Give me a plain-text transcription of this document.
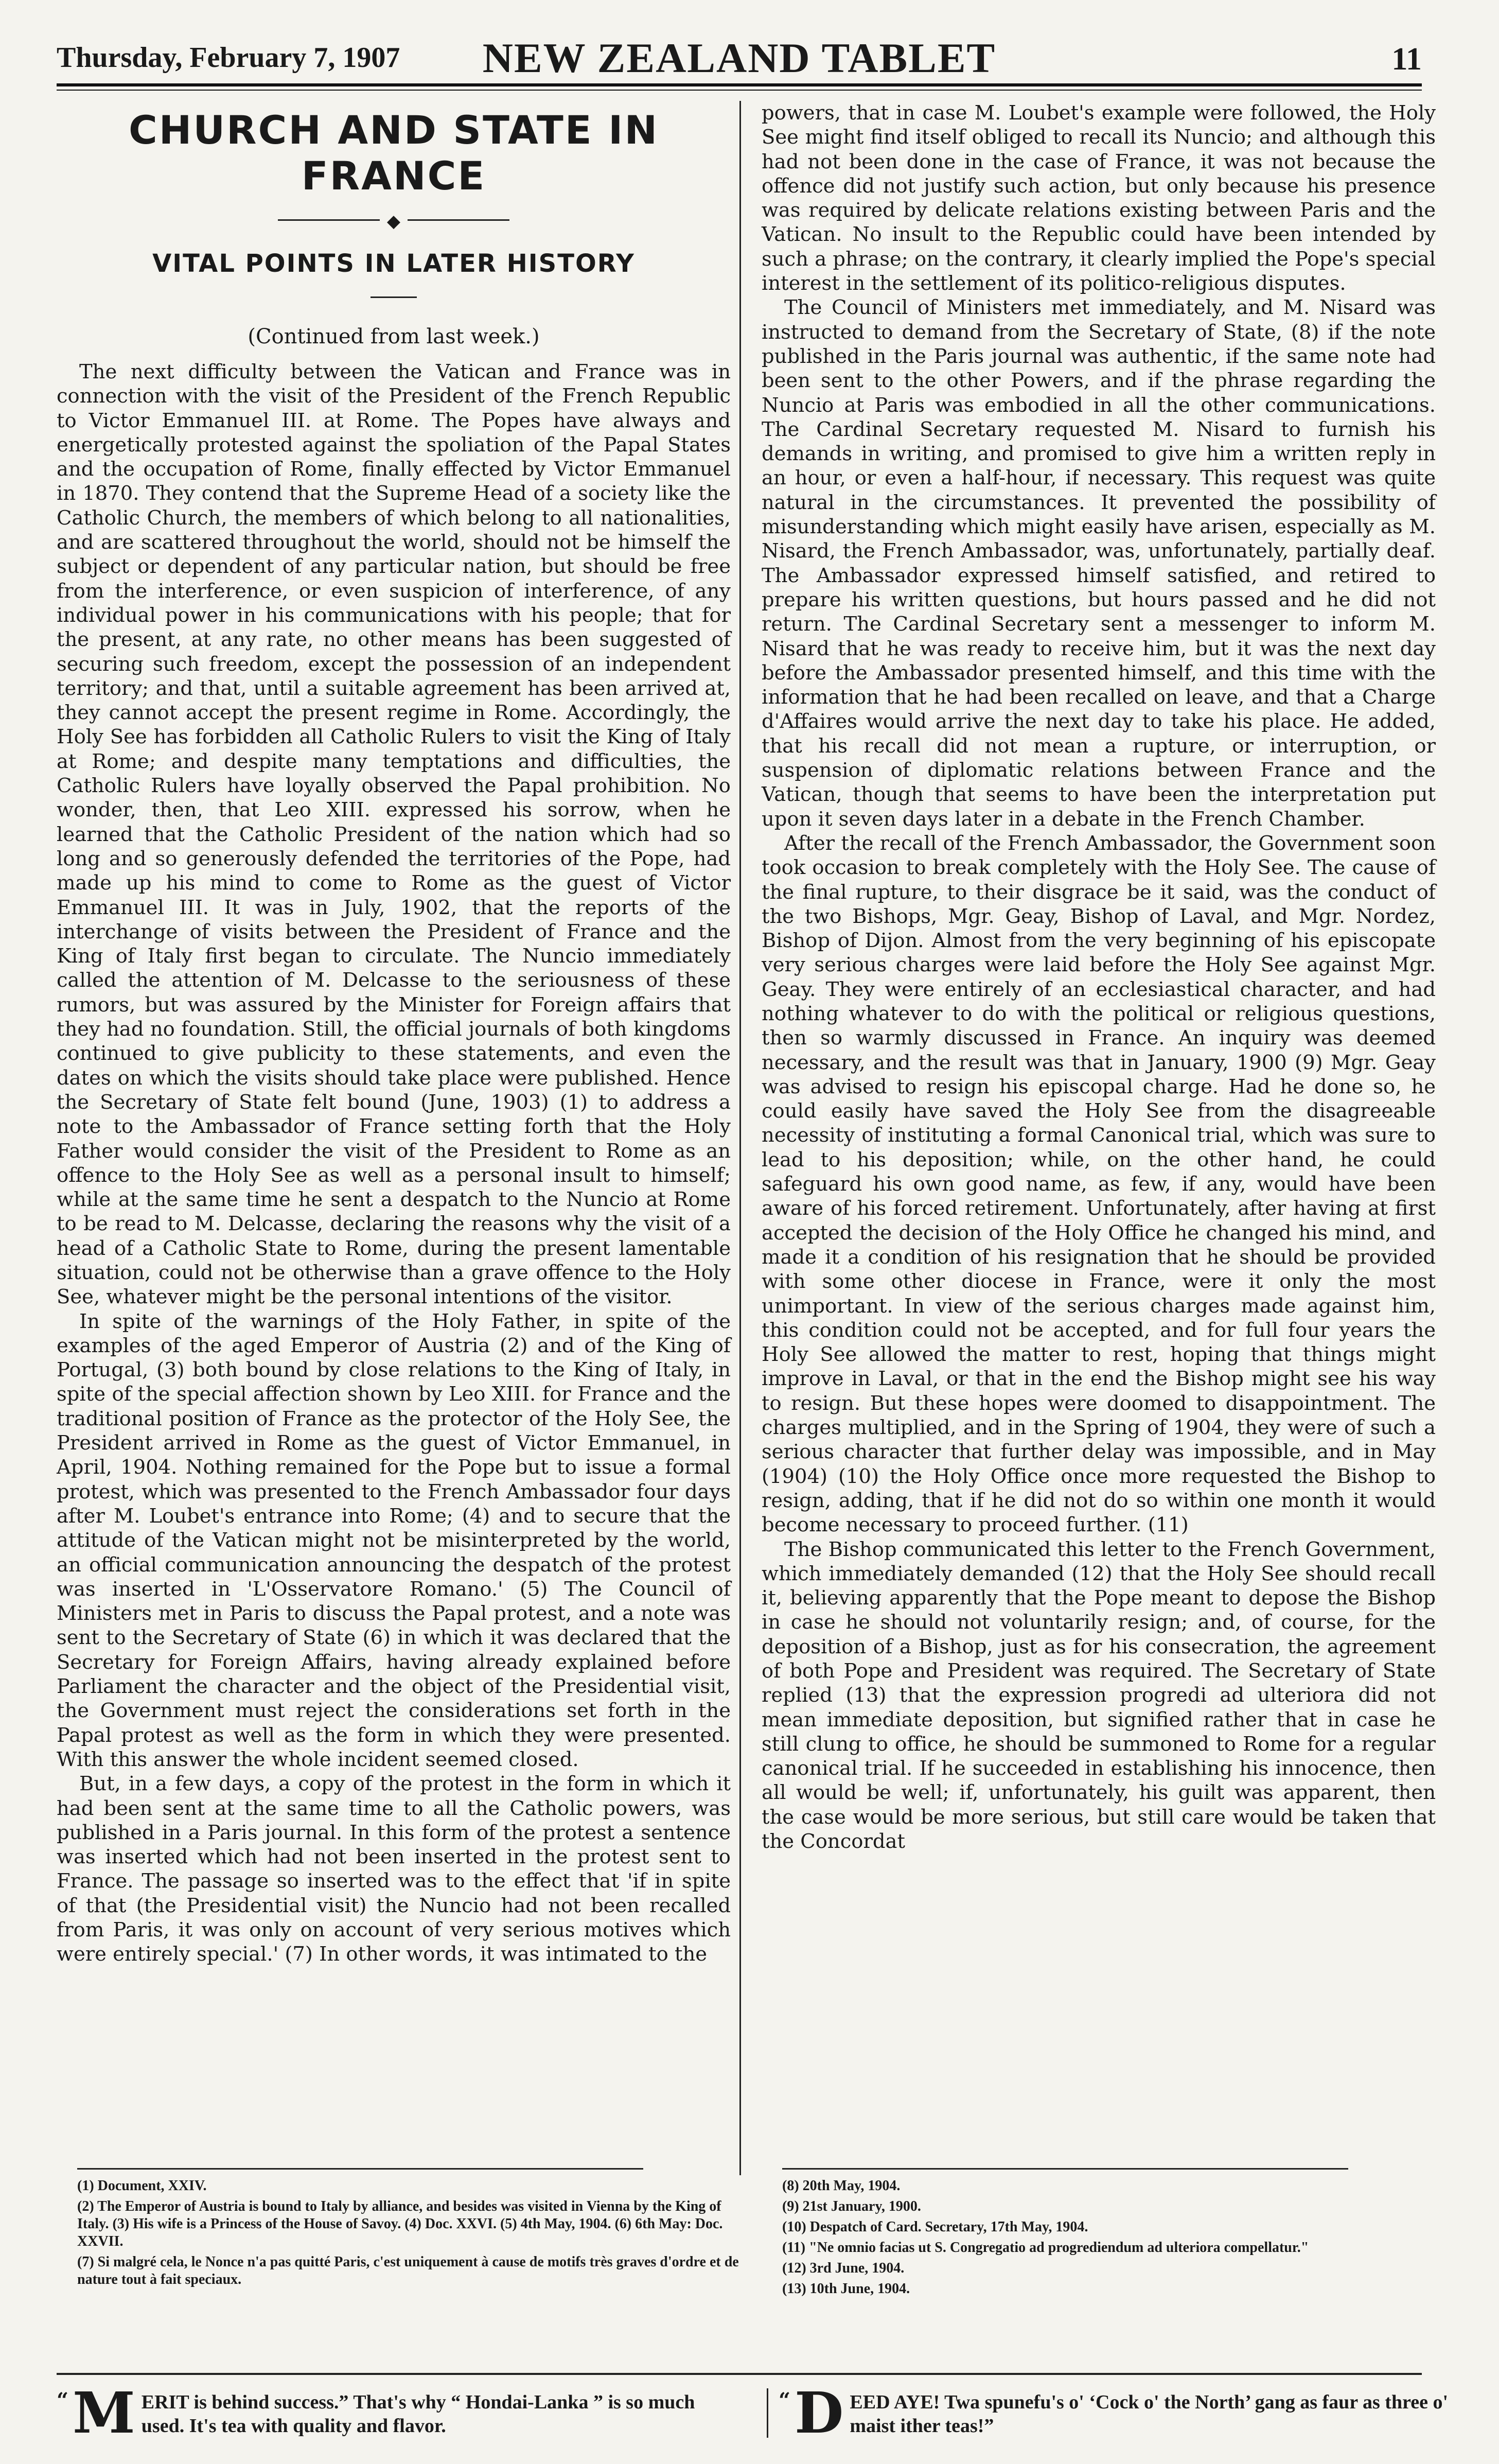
Thursday, February 7, 1907	NEW ZEALAND TABLET	11
CHURCH AND STATE IN FRANCE
◆
VITAL POINTS IN LATER HISTORY
(Continued from last week.)

The next difficulty between the Vatican and France was in connection with the visit of the President of the French Republic to Victor Emmanuel III. at Rome. The Popes have always and energetically protested against the spoliation of the Papal States and the occupation of Rome, finally effected by Victor Emmanuel in 1870. They contend that the Supreme Head of a society like the Catholic Church, the members of which belong to all nationalities, and are scattered throughout the world, should not be himself the subject or dependent of any particular nation, but should be free from the interference, or even suspicion of interference, of any individual power in his communications with his people; that for the present, at any rate, no other means has been suggested of securing such freedom, except the possession of an independent territory; and that, until a suitable agreement has been arrived at, they cannot accept the present regime in Rome. Accordingly, the Holy See has forbidden all Catholic Rulers to visit the King of Italy at Rome; and despite many temptations and difficulties, the Catholic Rulers have loyally observed the Papal prohibition. No wonder, then, that Leo XIII. expressed his sorrow, when he learned that the Catholic President of the nation which had so long and so generously defended the territories of the Pope, had made up his mind to come to Rome as the guest of Victor Emmanuel III. It was in July, 1902, that the reports of the interchange of visits between the President of France and the King of Italy first began to circulate. The Nuncio immediately called the attention of M. Delcasse to the seriousness of these rumors, but was assured by the Minister for Foreign affairs that they had no foundation. Still, the official journals of both kingdoms continued to give publicity to these statements, and even the dates on which the visits should take place were published. Hence the Secretary of State felt bound (June, 1903) (1) to address a note to the Ambassador of France setting forth that the Holy Father would consider the visit of the President to Rome as an offence to the Holy See as well as a personal insult to himself; while at the same time he sent a despatch to the Nuncio at Rome to be read to M. Delcasse, declaring the reasons why the visit of a head of a Catholic State to Rome, during the present lamentable situation, could not be otherwise than a grave offence to the Holy See, whatever might be the personal intentions of the visitor.

In spite of the warnings of the Holy Father, in spite of the examples of the aged Emperor of Austria (2) and of the King of Portugal, (3) both bound by close relations to the King of Italy, in spite of the special affection shown by Leo XIII. for France and the traditional position of France as the protector of the Holy See, the President arrived in Rome as the guest of Victor Emmanuel, in April, 1904. Nothing remained for the Pope but to issue a formal protest, which was presented to the French Ambassador four days after M. Loubet's entrance into Rome; (4) and to secure that the attitude of the Vatican might not be misinterpreted by the world, an official communication announcing the despatch of the protest was inserted in 'L'Osservatore Romano.' (5) The Council of Ministers met in Paris to discuss the Papal protest, and a note was sent to the Secretary of State (6) in which it was declared that the Secretary for Foreign Affairs, having already explained before Parliament the character and the object of the Presidential visit, the Government must reject the considerations set forth in the Papal protest as well as the form in which they were presented. With this answer the whole incident seemed closed.

But, in a few days, a copy of the protest in the form in which it had been sent at the same time to all the Catholic powers, was published in a Paris journal. In this form of the protest a sentence was inserted which had not been inserted in the protest sent to France. The passage so inserted was to the effect that 'if in spite of that (the Presidential visit) the Nuncio had not been recalled from Paris, it was only on account of very serious motives which were entirely special.' (7) In other words, it was intimated to the

powers, that in case M. Loubet's example were followed, the Holy See might find itself obliged to recall its Nuncio; and although this had not been done in the case of France, it was not because the offence did not justify such action, but only because his presence was required by delicate relations existing between Paris and the Vatican. No insult to the Republic could have been intended by such a phrase; on the contrary, it clearly implied the Pope's special interest in the settlement of its politico-religious disputes.

The Council of Ministers met immediately, and M. Nisard was instructed to demand from the Secretary of State, (8) if the note published in the Paris journal was authentic, if the same note had been sent to the other Powers, and if the phrase regarding the Nuncio at Paris was embodied in all the other communications. The Cardinal Secretary requested M. Nisard to furnish his demands in writing, and promised to give him a written reply in an hour, or even a half-hour, if necessary. This request was quite natural in the circumstances. It prevented the possibility of misunderstanding which might easily have arisen, especially as M. Nisard, the French Ambassador, was, unfortunately, partially deaf. The Ambassador expressed himself satisfied, and retired to prepare his written questions, but hours passed and he did not return. The Cardinal Secretary sent a messenger to inform M. Nisard that he was ready to receive him, but it was the next day before the Ambassador presented himself, and this time with the information that he had been recalled on leave, and that a Charge d'Affaires would arrive the next day to take his place. He added, that his recall did not mean a rupture, or interruption, or suspension of diplomatic relations between France and the Vatican, though that seems to have been the interpretation put upon it seven days later in a debate in the French Chamber.

After the recall of the French Ambassador, the Government soon took occasion to break completely with the Holy See. The cause of the final rupture, to their disgrace be it said, was the conduct of the two Bishops, Mgr. Geay, Bishop of Laval, and Mgr. Nordez, Bishop of Dijon. Almost from the very beginning of his episcopate very serious charges were laid before the Holy See against Mgr. Geay. They were entirely of an ecclesiastical character, and had nothing whatever to do with the political or religious questions, then so warmly discussed in France. An inquiry was deemed necessary, and the result was that in January, 1900 (9) Mgr. Geay was advised to resign his episcopal charge. Had he done so, he could easily have saved the Holy See from the disagreeable necessity of instituting a formal Canonical trial, which was sure to lead to his deposition; while, on the other hand, he could safeguard his own good name, as few, if any, would have been aware of his forced retirement. Unfortunately, after having at first accepted the decision of the Holy Office he changed his mind, and made it a condition of his resignation that he should be provided with some other diocese in France, were it only the most unimportant. In view of the serious charges made against him, this condition could not be accepted, and for full four years the Holy See allowed the matter to rest, hoping that things might improve in Laval, or that in the end the Bishop might see his way to resign. But these hopes were doomed to disappointment. The charges multiplied, and in the Spring of 1904, they were of such a serious character that further delay was impossible, and in May (1904) (10) the Holy Office once more requested the Bishop to resign, adding, that if he did not do so within one month it would become necessary to proceed further. (11)

The Bishop communicated this letter to the French Government, which immediately demanded (12) that the Holy See should recall it, believing apparently that the Pope meant to depose the Bishop in case he should not voluntarily resign; and, of course, for the deposition of a Bishop, just as for his consecration, the agreement of both Pope and President was required. The Secretary of State replied (13) that the expression progredi ad ulteriora did not mean immediate deposition, but signified rather that in case he still clung to office, he should be summoned to Rome for a regular canonical trial. If he succeeded in establishing his innocence, then all would be well; if, unfortunately, his guilt was apparent, then the case would be more serious, but still care would be taken that the Concordat

(1) Document, XXIV.

(2) The Emperor of Austria is bound to Italy by alliance, and besides was visited in Vienna by the King of Italy. (3) His wife is a Princess of the House of Savoy. (4) Doc. XXVI. (5) 4th May, 1904. (6) 6th May: Doc. XXVII.

(7) Si malgré cela, le Nonce n'a pas quitté Paris, c'est uniquement à cause de motifs très graves d'ordre et de nature tout à fait speciaux.

(8) 20th May, 1904.

(9) 21st January, 1900.

(10) Despatch of Card. Secretary, 17th May, 1904.

(11) "Ne omnio facias ut S. Congregatio ad progrediendum ad ulteriora compellatur."

(12) 3rd June, 1904.

(13) 10th June, 1904.

“ M ERIT is behind success.” That's why “ Hondai-Lanka ” is so much used. It's tea with quality and flavor.
“ D EED AYE! Twa spunefu's o' ‘Cock o' the North’ gang as faur as three o' maist ither teas!”
